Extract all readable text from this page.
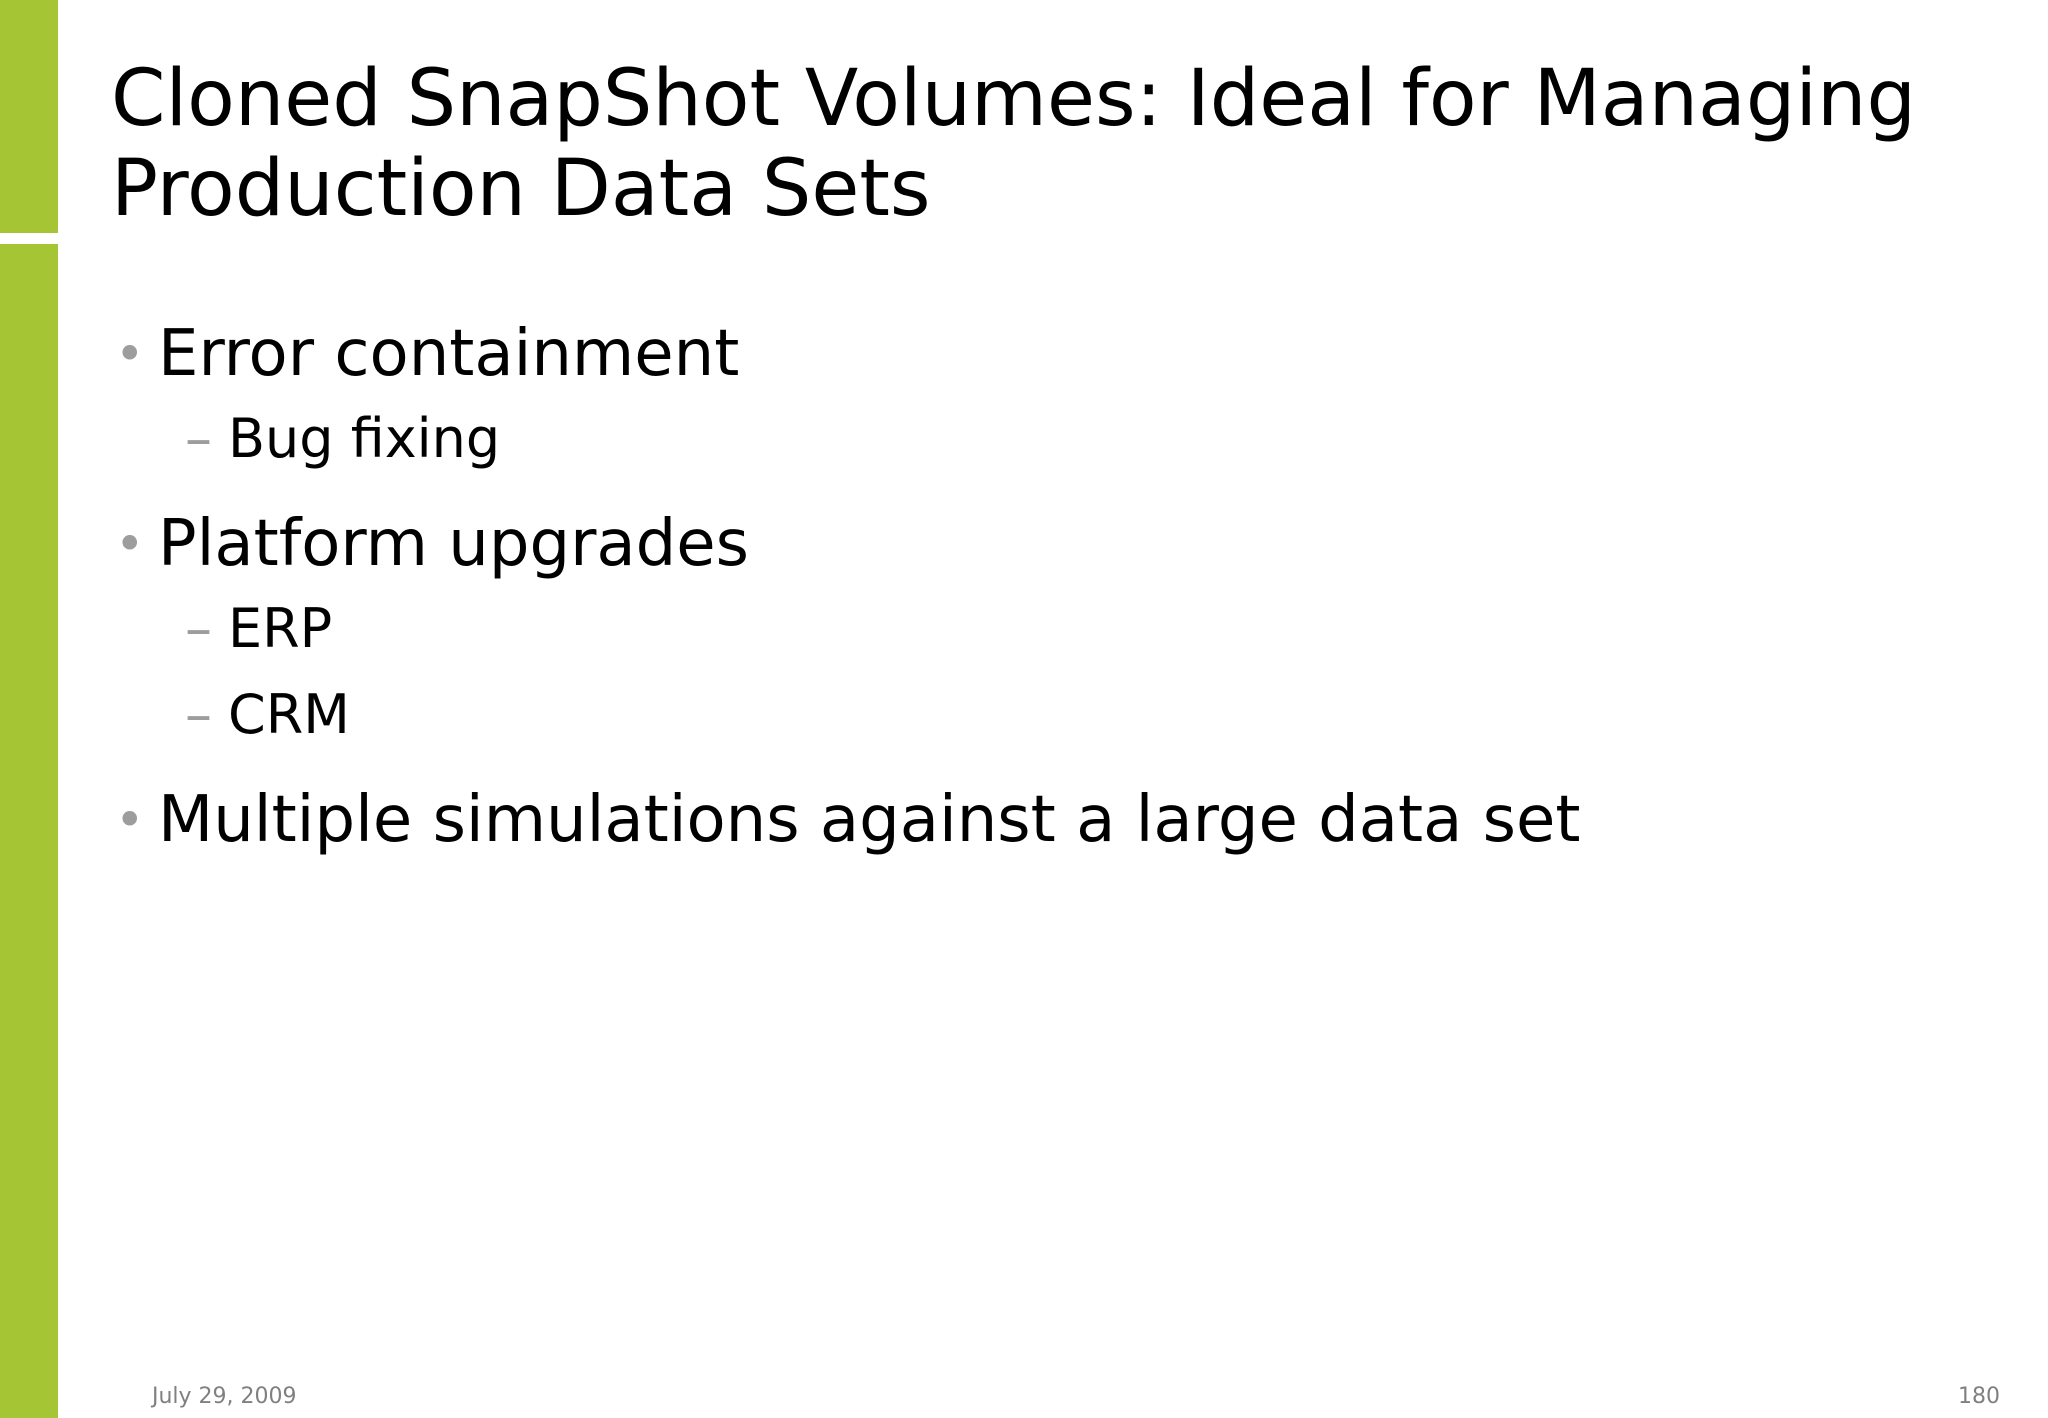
Cloned SnapShot Volumes: Ideal for Managing Production Data Sets
• Error containment
– Bug fixing
• Platform upgrades
– ERP
– CRM
• Multiple simulations against a large data set
July 29, 2009	180
